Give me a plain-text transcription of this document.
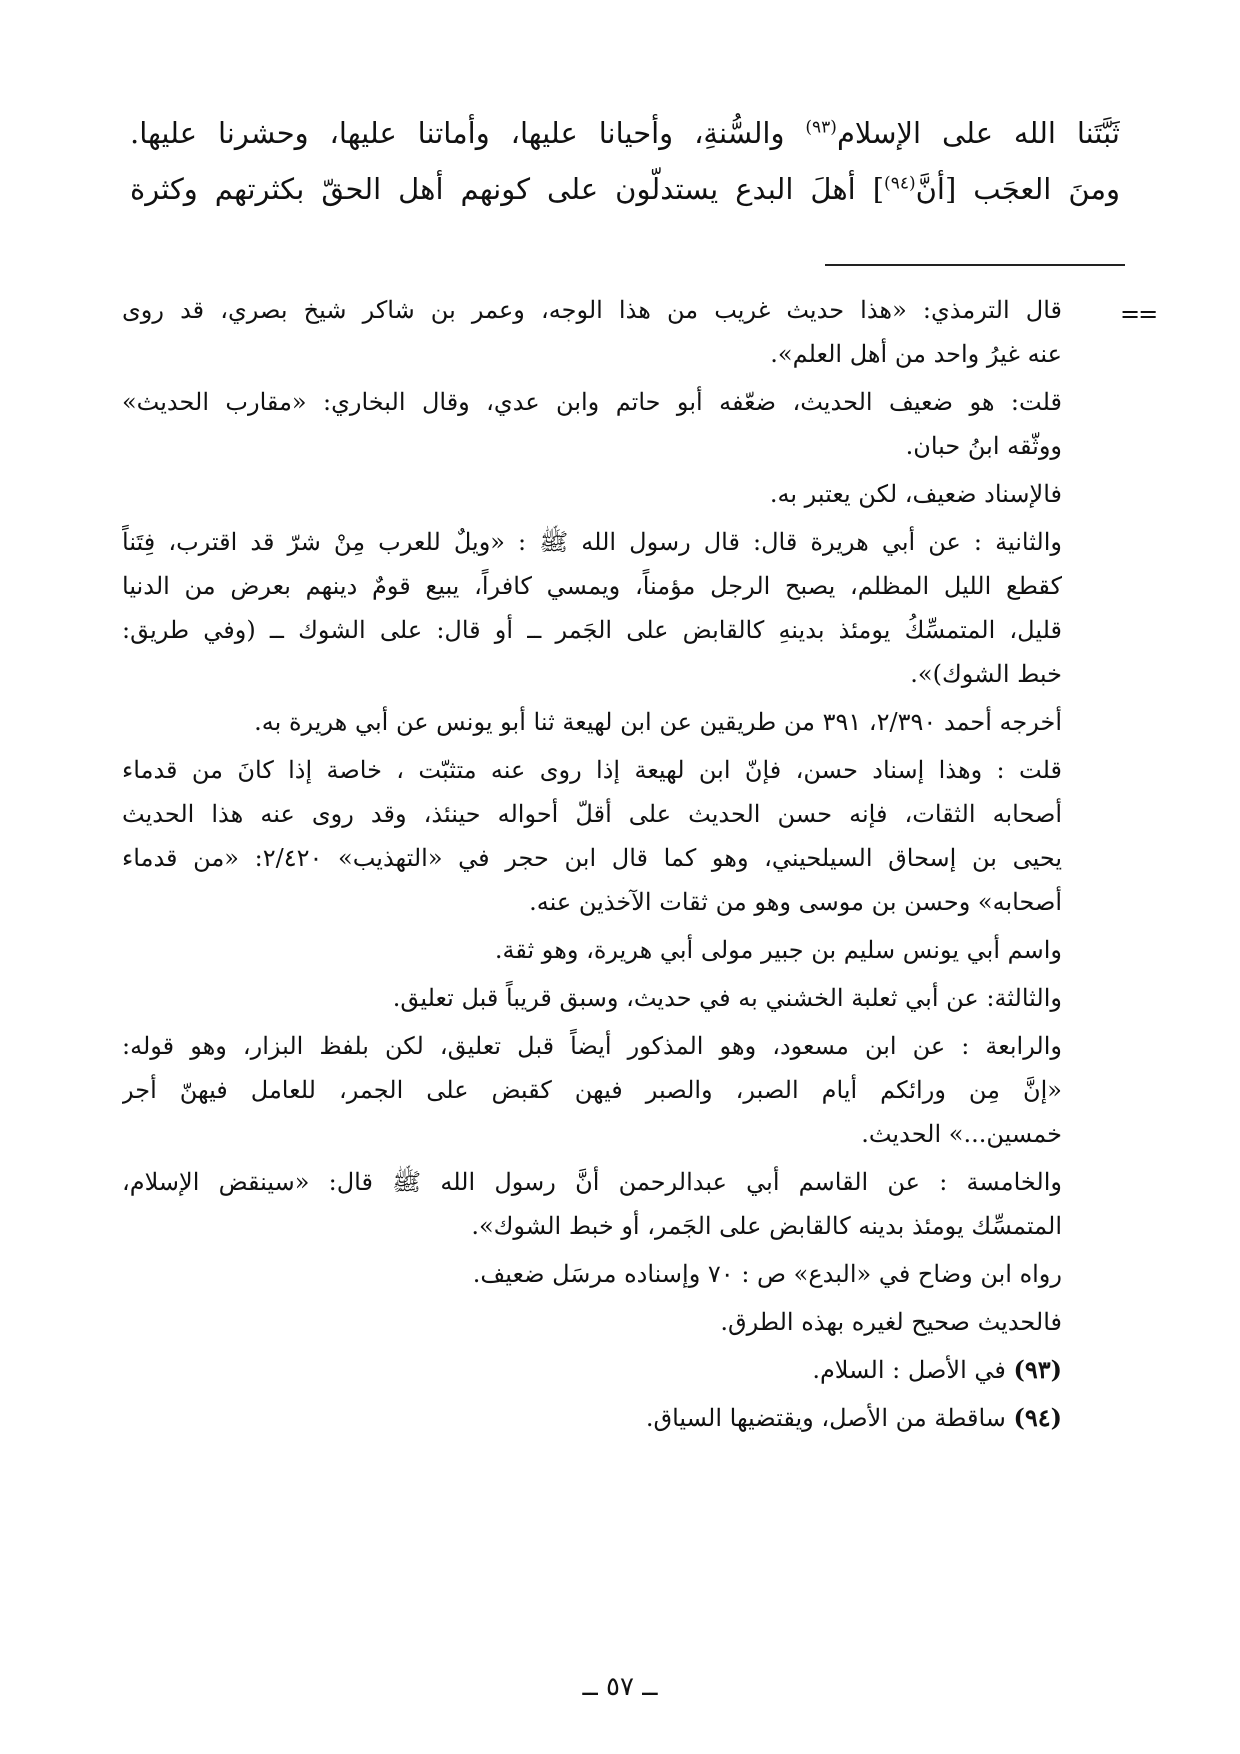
ثَبَّتَنا الله على الإسلام$^{(٩٣)}$ والسُّنةِ، وأحيانا عليها، وأماتنا عليها، وحشرنا عليها.
ومنَ العجَب [أنَّ$^{(٩٤)}$] أهلَ البدع يستدلّون على كونهم أهل الحقّ بكثرتهم وكثرة
==

قال الترمذي: «هذا حديث غريب من هذا الوجه، وعمر بن شاكر شيخ بصري، قد روى
عنه غيرُ واحد من أهل العلم».

قلت: هو ضعيف الحديث، ضعّفه أبو حاتم وابن عدي، وقال البخاري: «مقارب الحديث»
ووثّقه ابنُ حبان.

فالإسناد ضعيف، لكن يعتبر به.

والثانية : عن أبي هريرة قال: قال رسول الله ﷺ : «ويلٌ للعرب مِنْ شرّ قد اقترب، فِتَناً
كقطع الليل المظلم، يصبح الرجل مؤمناً، ويمسي كافراً، يبيع قومٌ دينهم بعرض من الدنيا
قليل، المتمسِّكُ يومئذ بدينهِ كالقابض على الجَمر ــ أو قال: على الشوك ــ (وفي طريق:
خبط الشوك)».

أخرجه أحمد ٢/٣٩٠، ٣٩١ من طريقين عن ابن لهيعة ثنا أبو يونس عن أبي هريرة به.

قلت : وهذا إسناد حسن، فإنّ ابن لهيعة إذا روى عنه متثبّت ، خاصة إذا كانَ من قدماء
أصحابه الثقات، فإنه حسن الحديث على أقلّ أحواله حينئذ، وقد روى عنه هذا الحديث
يحيى بن إسحاق السيلحيني، وهو كما قال ابن حجر في «التهذيب» ٢/٤٢٠: «من قدماء
أصحابه» وحسن بن موسى وهو من ثقات الآخذين عنه.

واسم أبي يونس سليم بن جبير مولى أبي هريرة، وهو ثقة.

والثالثة: عن أبي ثعلبة الخشني به في حديث، وسبق قريباً قبل تعليق.

والرابعة : عن ابن مسعود، وهو المذكور أيضاً قبل تعليق، لكن بلفظ البزار، وهو قوله:
«إنَّ مِن ورائكم أيام الصبر، والصبر فيهن كقبض على الجمر، للعامل فيهنّ أجر
خمسين...» الحديث.

والخامسة : عن القاسم أبي عبدالرحمن أنَّ رسول الله ﷺ قال: «سينقض الإسلام،
المتمسِّك يومئذ بدينه كالقابض على الجَمر، أو خبط الشوك».

رواه ابن وضاح في «البدع» ص : ٧٠ وإسناده مرسَل ضعيف.

فالحديث صحيح لغيره بهذه الطرق.

(٩٣) في الأصل : السلام.

(٩٤) ساقطة من الأصل، ويقتضيها السياق.

ــ ٥٧ ــ
